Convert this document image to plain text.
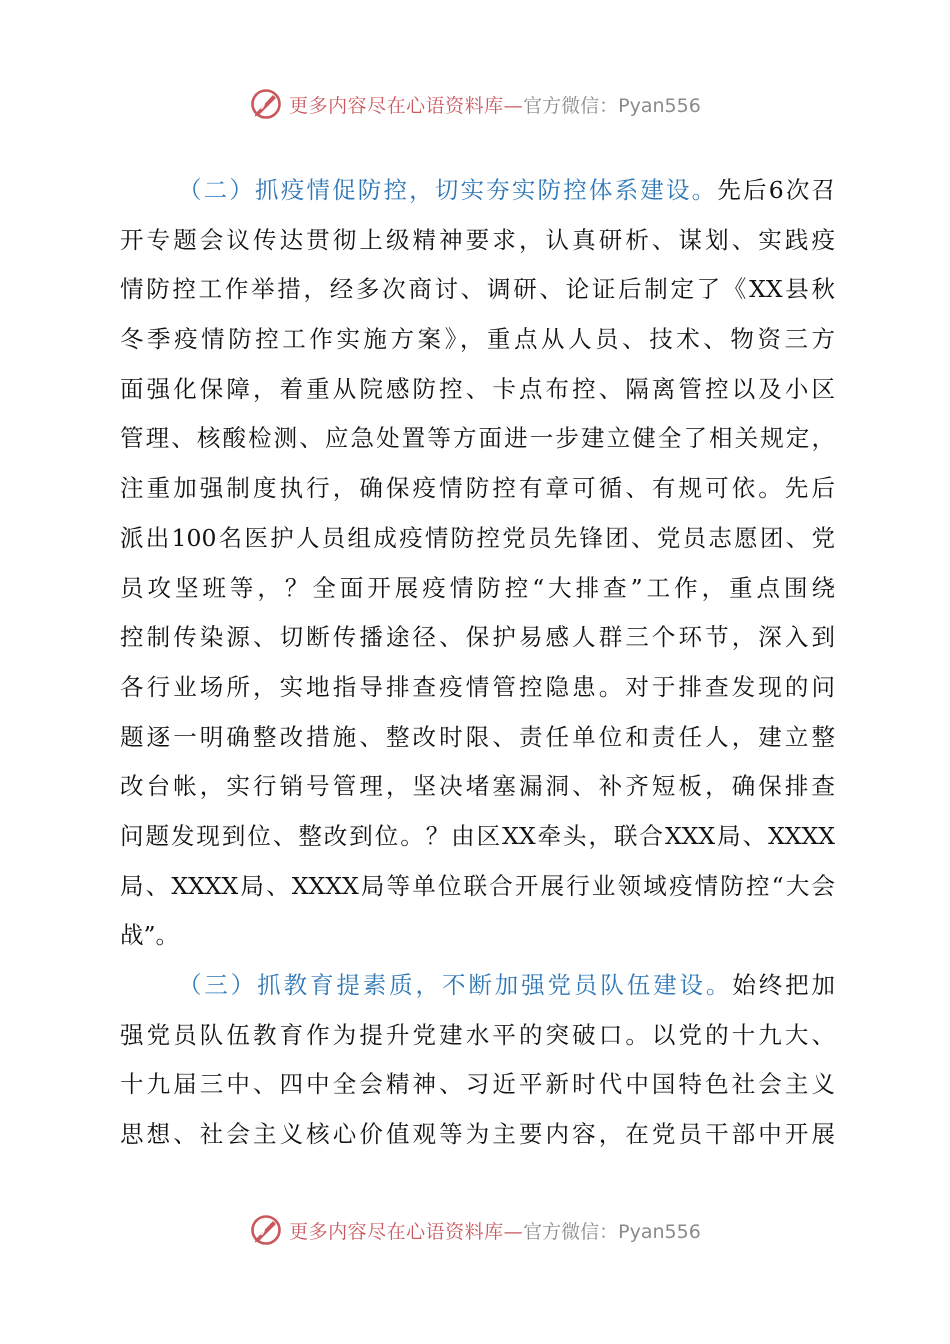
更多内容尽在心语资料库— 官方微信：Pyan556
（二）抓疫情促防控，切实夯实防控体系建设。先后6次召
开专题会议传达贯彻上级精神要求，认真研析、谋划、实践疫
情防控工作举措，经多次商讨、调研、论证后制定了《XX县秋
冬季疫情防控工作实施方案》，重点从人员、技术、物资三方
面强化保障，着重从院感防控、卡点布控、隔离管控以及小区
管理、核酸检测、应急处置等方面进一步建立健全了相关规定，
注重加强制度执行，确保疫情防控有章可循、有规可依。先后
派出100名医护人员组成疫情防控党员先锋团、党员志愿团、党
员攻坚班等，？全面开展疫情防控“大排查”工作，重点围绕
控制传染源、切断传播途径、保护易感人群三个环节，深入到
各行业场所，实地指导排查疫情管控隐患。对于排查发现的问
题逐一明确整改措施、整改时限、责任单位和责任人，建立整
改台帐，实行销号管理，坚决堵塞漏洞、补齐短板，确保排查
问题发现到位、整改到位。？由区XX牵头，联合XXX局、XXXX
局、XXXX局、XXXX局等单位联合开展行业领域疫情防控“大会
战”。
（三）抓教育提素质，不断加强党员队伍建设。始终把加
强党员队伍教育作为提升党建水平的突破口。以党的十九大、
十九届三中、四中全会精神、习近平新时代中国特色社会主义
思想、社会主义核心价值观等为主要内容，在党员干部中开展
更多内容尽在心语资料库— 官方微信：Pyan556
